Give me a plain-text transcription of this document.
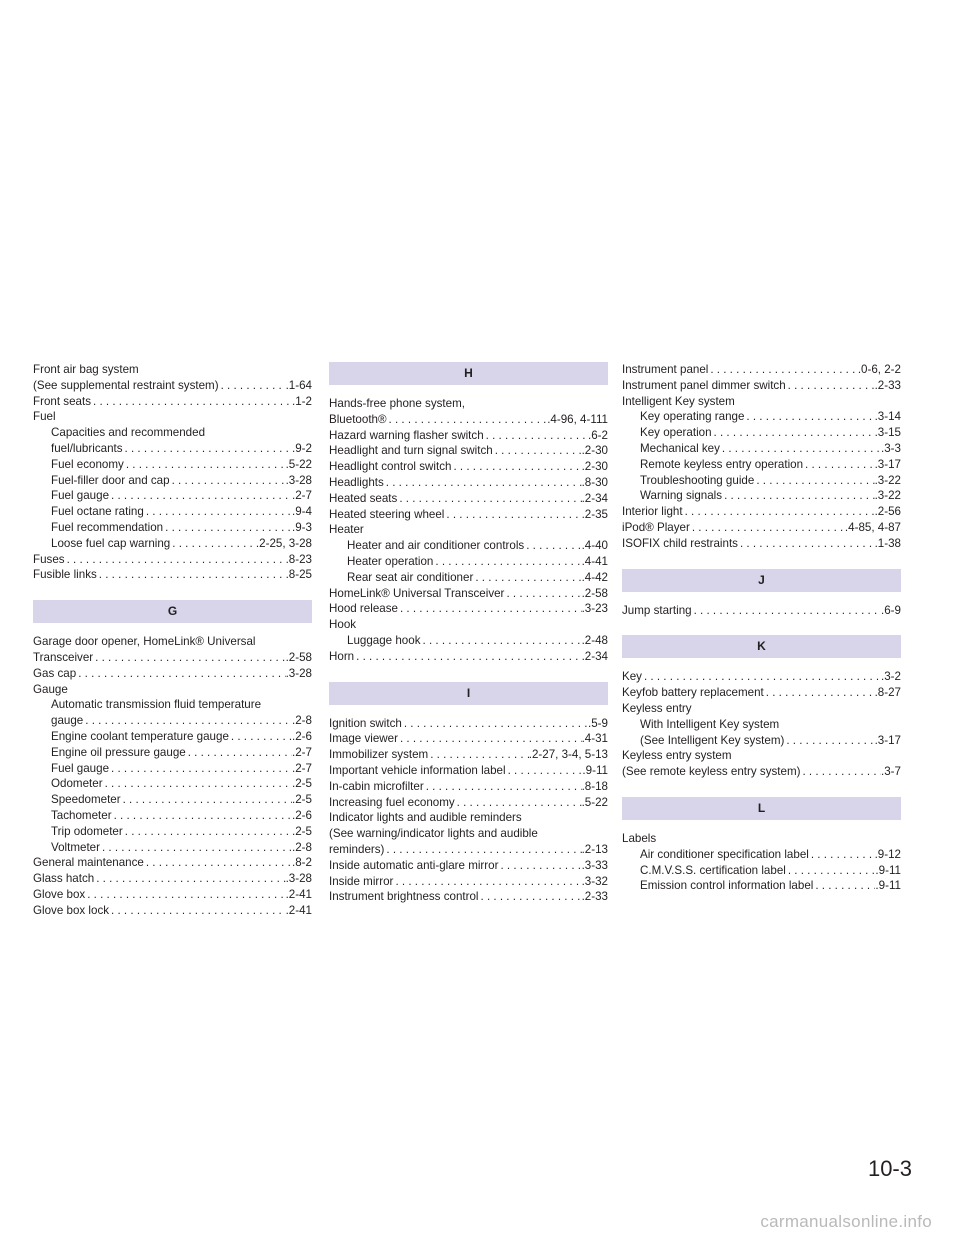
Front air bag system
(See supplemental restraint system) . . .	.1-64
Front seats . . .	.1-2
Fuel
Capacities and recommended
fuel/lubricants . . .	.9-2
Fuel economy . . .	.5-22
Fuel-filler door and cap . . .	.3-28
Fuel gauge . . .	.2-7
Fuel octane rating . . .	.9-4
Fuel recommendation . . .	.9-3
Loose fuel cap warning . . .	.2-25, 3-28
Fuses . . .	.8-23
Fusible links . . .	.8-25
G
Garage door opener, HomeLink® Universal
Transceiver . . .	.2-58
Gas cap . . .	.3-28
Gauge
Automatic transmission fluid temperature
gauge . . .	.2-8
Engine coolant temperature gauge . . .	.2-6
Engine oil pressure gauge . . .	.2-7
Fuel gauge . . .	.2-7
Odometer . . .	.2-5
Speedometer . . .	.2-5
Tachometer . . .	.2-6
Trip odometer . . .	.2-5
Voltmeter . . .	.2-8
General maintenance . . .	.8-2
Glass hatch . . .	.3-28
Glove box . . .	.2-41
Glove box lock . . .	.2-41
H
Hands-free phone system,
Bluetooth® . . .	.4-96, 4-111
Hazard warning flasher switch . . .	.6-2
Headlight and turn signal switch . . .	.2-30
Headlight control switch . . .	.2-30
Headlights . . .	.8-30
Heated seats . . .	.2-34
Heated steering wheel . . .	.2-35
Heater
Heater and air conditioner controls . . .	.4-40
Heater operation . . .	.4-41
Rear seat air conditioner . . .	.4-42
HomeLink® Universal Transceiver . . .	.2-58
Hood release . . .	.3-23
Hook
Luggage hook . . .	.2-48
Horn . . .	.2-34
I
Ignition switch . . .	.5-9
Image viewer . . .	.4-31
Immobilizer system . . .	.2-27, 3-4, 5-13
Important vehicle information label . . .	.9-11
In-cabin microfilter . . .	.8-18
Increasing fuel economy . . .	.5-22
Indicator lights and audible reminders
(See warning/indicator lights and audible
reminders) . . .	.2-13
Inside automatic anti-glare mirror . . .	.3-33
Inside mirror . . .	.3-32
Instrument brightness control . . .	.2-33
Instrument panel . . .	.0-6, 2-2
Instrument panel dimmer switch . . .	.2-33
Intelligent Key system
Key operating range . . .	.3-14
Key operation . . .	.3-15
Mechanical key . . .	.3-3
Remote keyless entry operation . . .	.3-17
Troubleshooting guide . . .	.3-22
Warning signals . . .	.3-22
Interior light . . .	.2-56
iPod® Player . . .	.4-85, 4-87
ISOFIX child restraints . . .	.1-38
J
Jump starting . . .	.6-9
K
Key . . .	.3-2
Keyfob battery replacement . . .	.8-27
Keyless entry
With Intelligent Key system
(See Intelligent Key system) . . .	.3-17
Keyless entry system
(See remote keyless entry system) . . .	.3-7
L
Labels
Air conditioner specification label . . .	.9-12
C.M.V.S.S. certification label . . .	.9-11
Emission control information label . . .	.9-11
10-3
carmanualsonline.info
